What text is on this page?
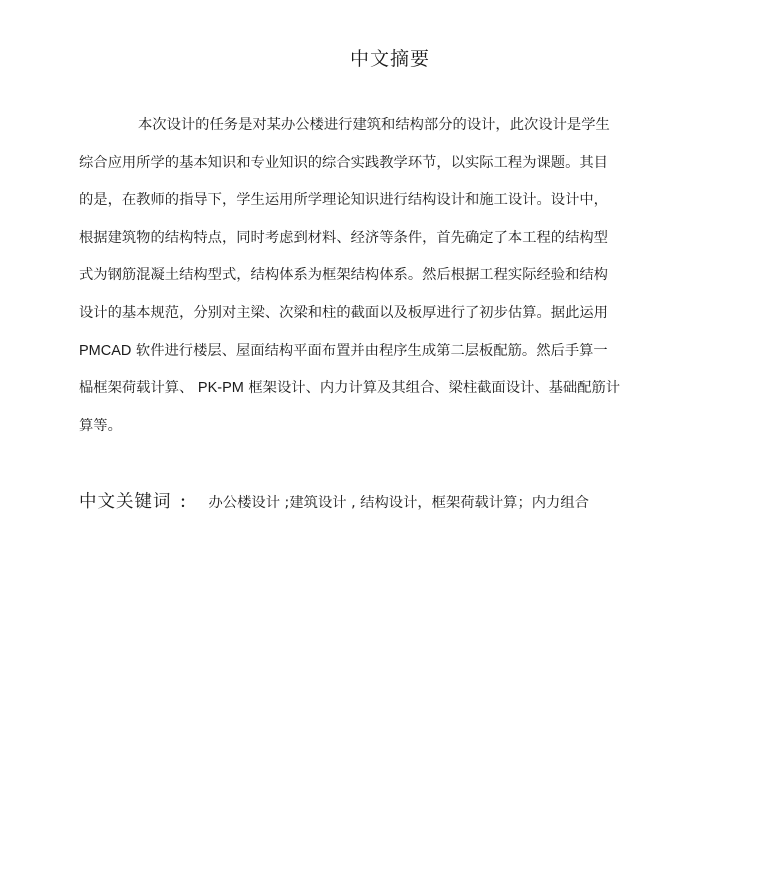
中文摘要
本次设计的任务是对某办公楼进行建筑和结构部分的设计，此次设计是学生
综合应用所学的基本知识和专业知识的综合实践教学环节，以实际工程为课题。其目
的是，在教师的指导下，学生运用所学理论知识进行结构设计和施工设计。设计中，
根据建筑物的结构特点，同时考虑到材料、经济等条件，首先确定了本工程的结构型
式为钢筋混凝土结构型式，结构体系为框架结构体系。然后根据工程实际经验和结构
设计的基本规范，分别对主梁、次梁和柱的截面以及板厚进行了初步估算。据此运用
PMCAD 软件进行楼层、屋面结构平面布置并由程序生成第二层板配筋。然后手算一
榀框架荷载计算、 PK-PM 框架设计、内力计算及其组合、梁柱截面设计、基础配筋计
算等。
中文关键词 ： 办公楼设计 ;建筑设计 , 结构设计，框架荷载计算；内力组合
